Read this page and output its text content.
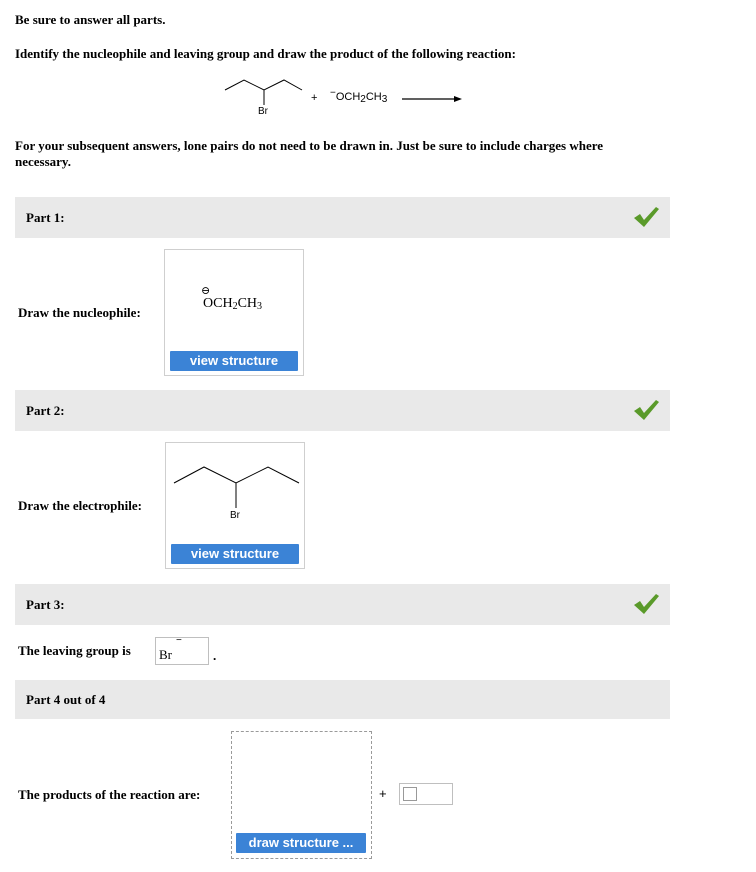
Be sure to answer all parts.
Identify the nucleophile and leaving group and draw the product of the following reaction:
Br
+ $^-OCH_2CH_3$ →
For your subsequent answers, lone pairs do not need to be drawn in. Just be sure to include charges where necessary.
Part 1:
Draw the nucleophile:
⊖
$OCH_2CH_3$
view structure
Part 2:
Draw the electrophile:
Br
view structure
Part 3:
The leaving group is Br
−
.
Part 4 out of 4
The products of the reaction are:
draw structure ...
+
